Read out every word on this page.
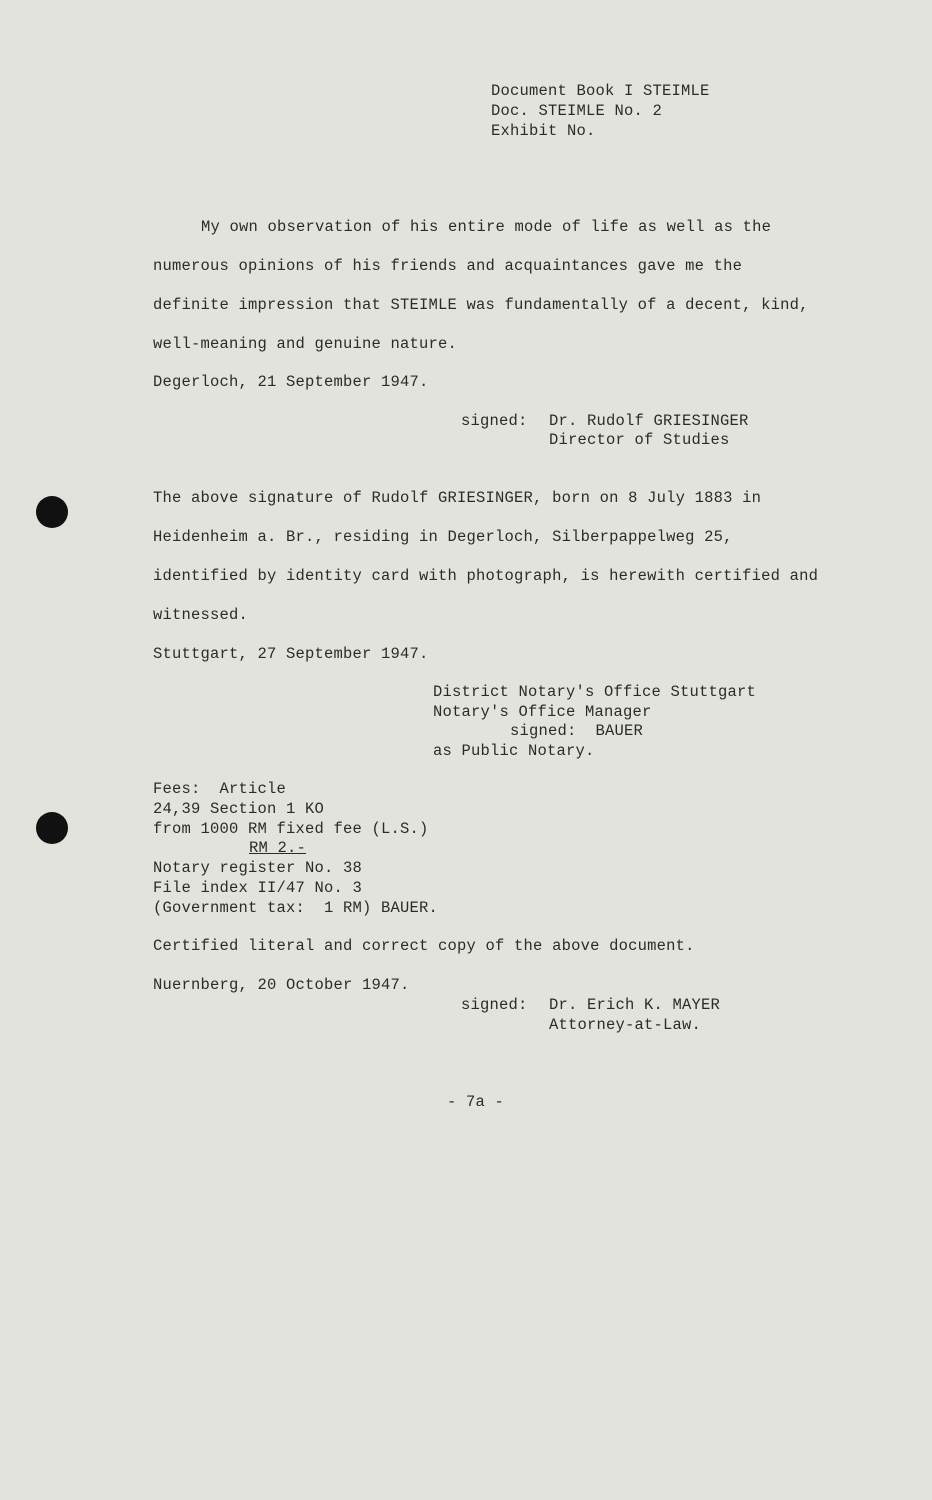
Document Book I STEIMLE
Doc. STEIMLE No. 2
Exhibit No.
My own observation of his entire mode of life as well as the
numerous opinions of his friends and acquaintances gave me the
definite impression that STEIMLE was fundamentally of a decent, kind,
well-meaning and genuine nature.
Degerloch, 21 September 1947.
signed: Dr. Rudolf GRIESINGER
Director of Studies
The above signature of Rudolf GRIESINGER, born on 8 July 1883 in
Heidenheim a. Br., residing in Degerloch, Silberpappelweg 25,
identified by identity card with photograph, is herewith certified and
witnessed.
Stuttgart, 27 September 1947.
District Notary's Office Stuttgart
Notary's Office Manager
signed:  BAUER
as Public Notary.
Fees:  Article
24,39 Section 1 KO
from 1000 RM fixed fee (L.S.)
RM 2.-
Notary register No. 38
File index II/47 No. 3
(Government tax:  1 RM) BAUER.
Certified literal and correct copy of the above document.
Nuernberg, 20 October 1947.
signed: Dr. Erich K. MAYER
Attorney-at-Law.
- 7a -
